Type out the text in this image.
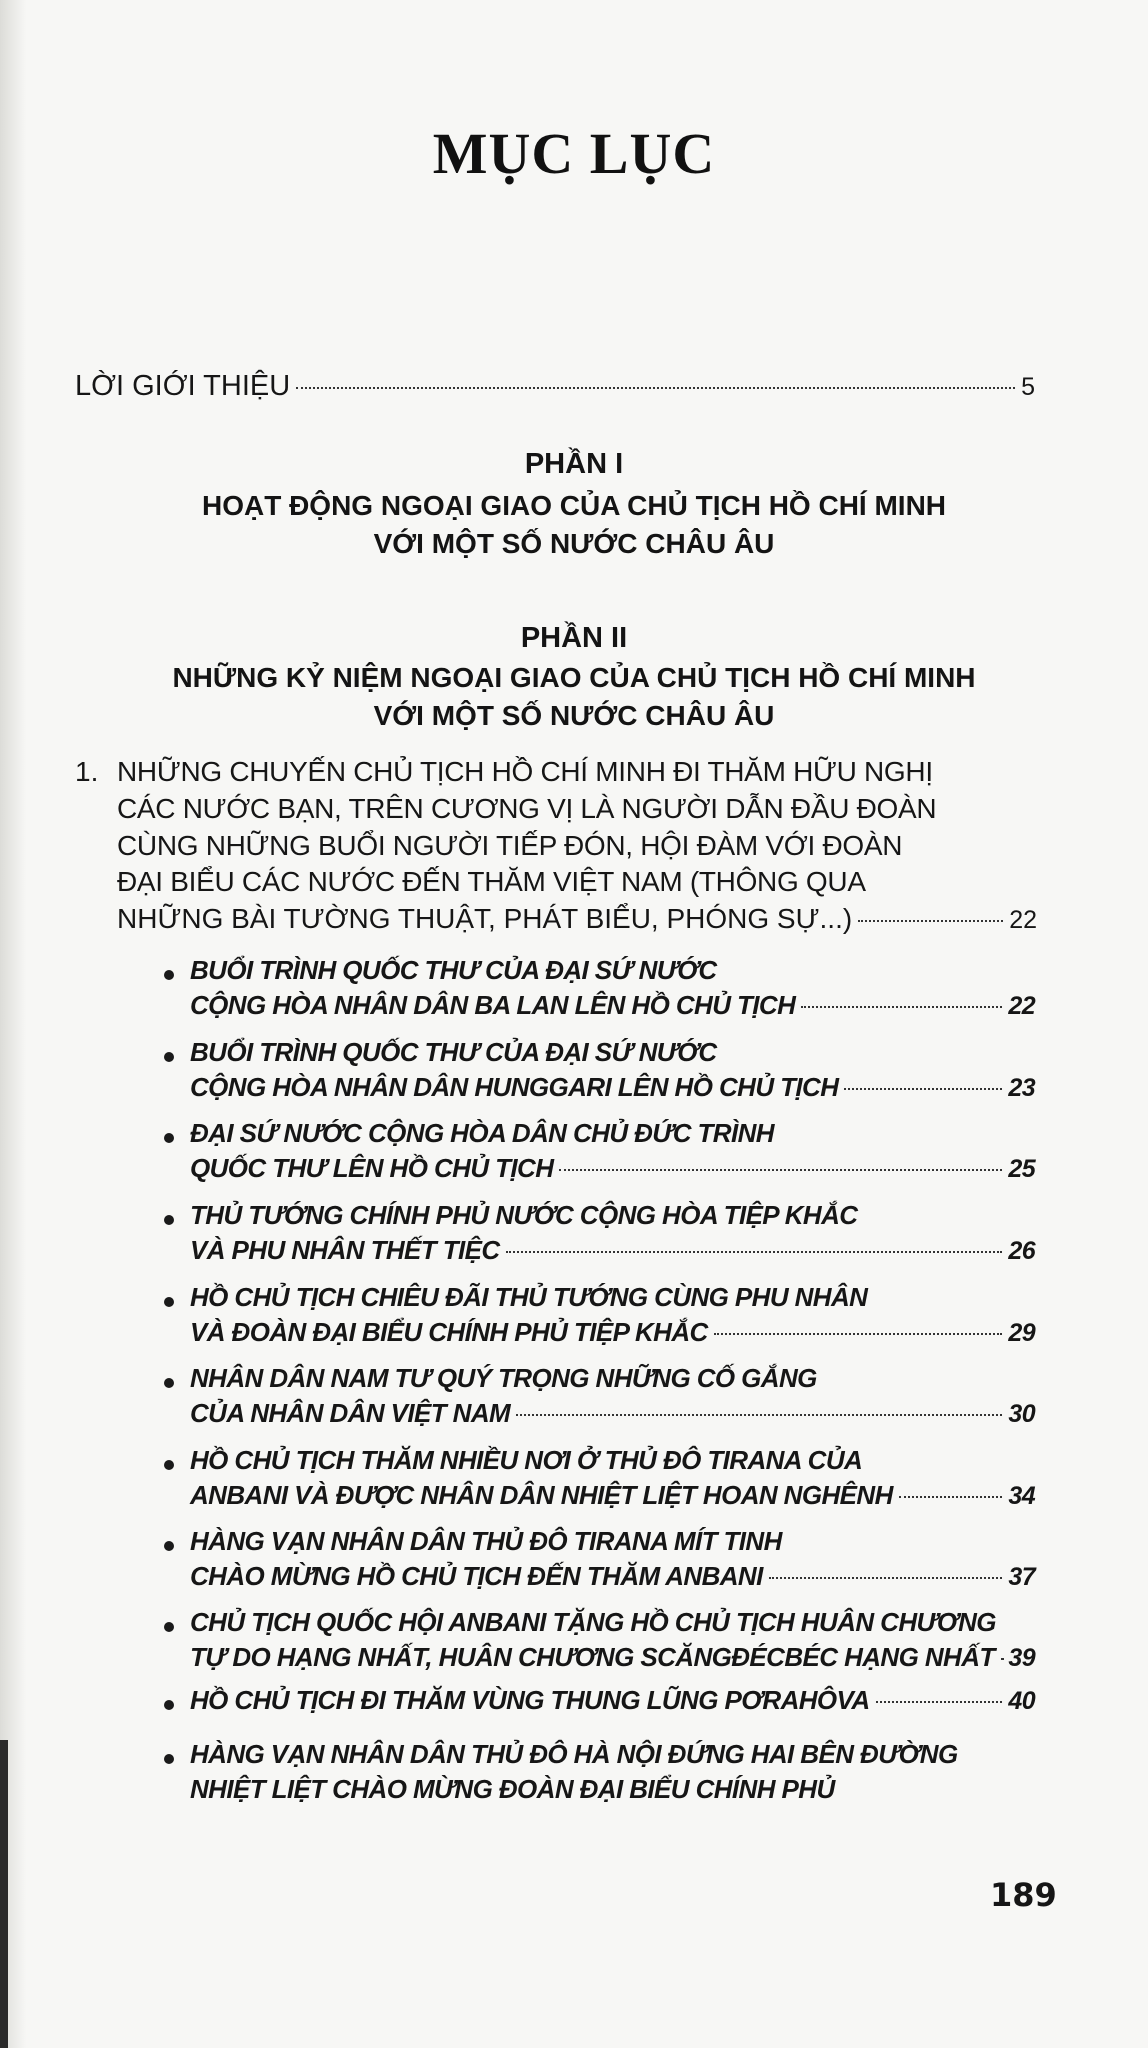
MỤC LỤC
LỜI GIỚI THIỆU	5
PHẦN I
HOẠT ĐỘNG NGOẠI GIAO CỦA CHỦ TỊCH HỒ CHÍ MINH
VỚI MỘT SỐ NƯỚC CHÂU ÂU
PHẦN II
NHỮNG KỶ NIỆM NGOẠI GIAO CỦA CHỦ TỊCH HỒ CHÍ MINH
VỚI MỘT SỐ NƯỚC CHÂU ÂU
1. NHỮNG CHUYẾN CHỦ TỊCH HỒ CHÍ MINH ĐI THĂM HỮU NGHỊ
CÁC NƯỚC BẠN, TRÊN CƯƠNG VỊ LÀ NGƯỜI DẪN ĐẦU ĐOÀN
CÙNG NHỮNG BUỔI NGƯỜI TIẾP ĐÓN, HỘI ĐÀM VỚI ĐOÀN
ĐẠI BIỂU CÁC NƯỚC ĐẾN THĂM VIỆT NAM (THÔNG QUA
NHỮNG BÀI TƯỜNG THUẬT, PHÁT BIỂU, PHÓNG SỰ...)	22
BUỔI TRÌNH QUỐC THƯ CỦA ĐẠI SỨ NƯỚC
CỘNG HÒA NHÂN DÂN BA LAN LÊN HỒ CHỦ TỊCH	22
BUỔI TRÌNH QUỐC THƯ CỦA ĐẠI SỨ NƯỚC
CỘNG HÒA NHÂN DÂN HUNGGARI LÊN HỒ CHỦ TỊCH	23
ĐẠI SỨ NƯỚC CỘNG HÒA DÂN CHỦ ĐỨC TRÌNH
QUỐC THƯ LÊN HỒ CHỦ TỊCH	25
THỦ TƯỚNG CHÍNH PHỦ NƯỚC CỘNG HÒA TIỆP KHẮC
VÀ PHU NHÂN THẾT TIỆC	26
HỒ CHỦ TỊCH CHIÊU ĐÃI THỦ TƯỚNG CÙNG PHU NHÂN
VÀ ĐOÀN ĐẠI BIỂU CHÍNH PHỦ TIỆP KHẮC	29
NHÂN DÂN NAM TƯ QUÝ TRỌNG NHỮNG CỐ GẮNG
CỦA NHÂN DÂN VIỆT NAM	30
HỒ CHỦ TỊCH THĂM NHIỀU NƠI Ở THỦ ĐÔ TIRANA CỦA
ANBANI VÀ ĐƯỢC NHÂN DÂN NHIỆT LIỆT HOAN NGHÊNH	34
HÀNG VẠN NHÂN DÂN THỦ ĐÔ TIRANA MÍT TINH
CHÀO MỪNG HỒ CHỦ TỊCH ĐẾN THĂM ANBANI	37
CHỦ TỊCH QUỐC HỘI ANBANI TẶNG HỒ CHỦ TỊCH HUÂN CHƯƠNG
TỰ DO HẠNG NHẤT, HUÂN CHƯƠNG SCĂNGĐÉCBÉC HẠNG NHẤT 39
HỒ CHỦ TỊCH ĐI THĂM VÙNG THUNG LŨNG PƠRAHÔVA	40
HÀNG VẠN NHÂN DÂN THỦ ĐÔ HÀ NỘI ĐỨNG HAI BÊN ĐƯỜNG
NHIỆT LIỆT CHÀO MỪNG ĐOÀN ĐẠI BIỂU CHÍNH PHỦ
189
